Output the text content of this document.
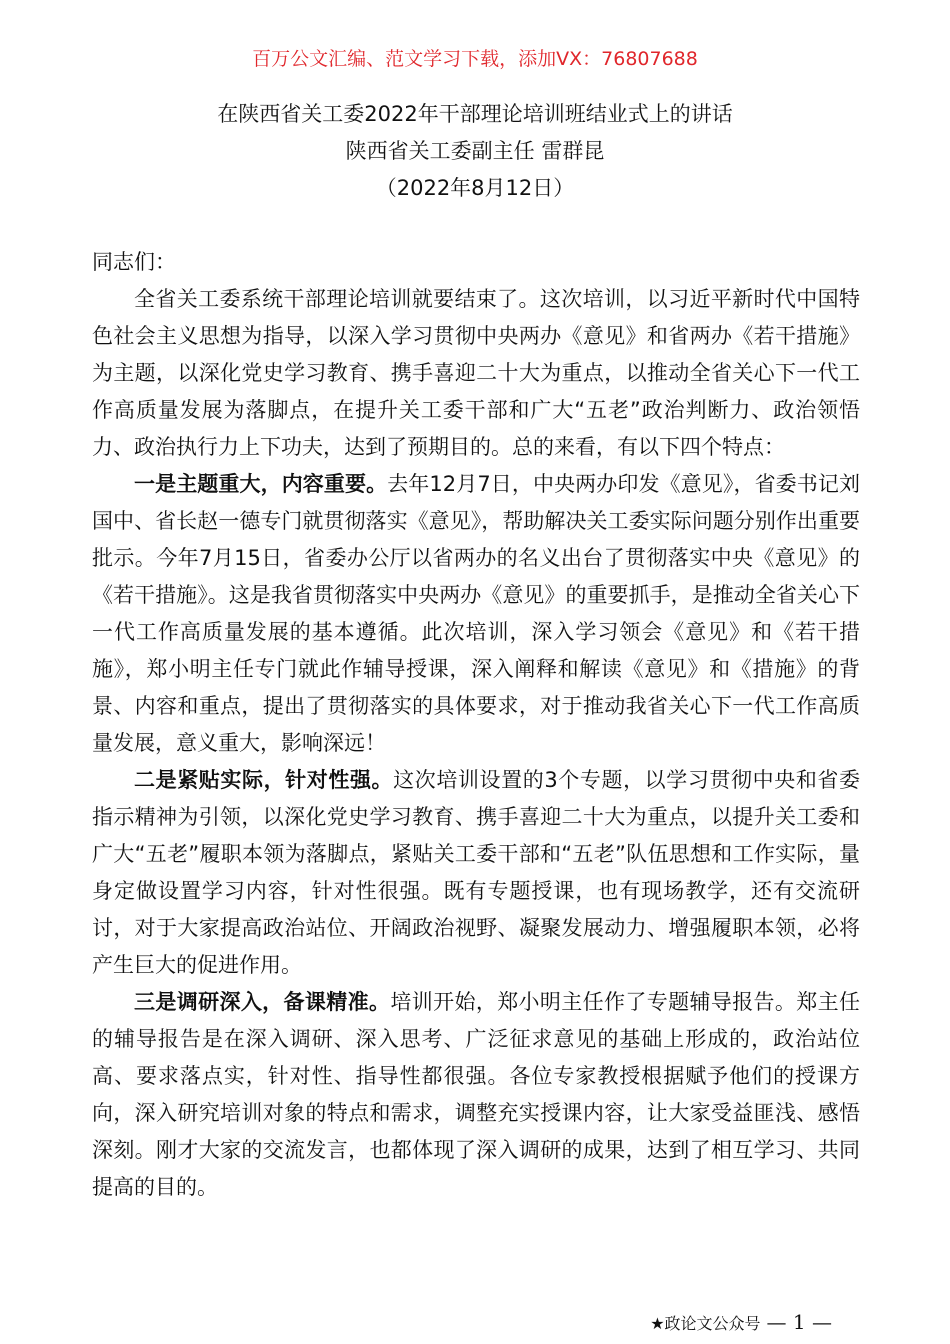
百万公文汇编、范文学习下载，添加VX：76807688
在陕西省关工委2022年干部理论培训班结业式上的讲话
陕西省关工委副主任 雷群昆
（2022年8月12日）

同志们：

全省关工委系统干部理论培训就要结束了。这次培训，以习近平新时代中国特色社会主义思想为指导，以深入学习贯彻中央两办《意见》和省两办《若干措施》为主题，以深化党史学习教育、携手喜迎二十大为重点，以推动全省关心下一代工作高质量发展为落脚点，在提升关工委干部和广大“五老”政治判断力、政治领悟力、政治执行力上下功夫，达到了预期目的。总的来看，有以下四个特点：

一是主题重大，内容重要。去年12月7日，中央两办印发《意见》，省委书记刘国中、省长赵一德专门就贯彻落实《意见》，帮助解决关工委实际问题分别作出重要批示。今年7月15日，省委办公厅以省两办的名义出台了贯彻落实中央《意见》的《若干措施》。这是我省贯彻落实中央两办《意见》的重要抓手，是推动全省关心下一代工作高质量发展的基本遵循。此次培训，深入学习领会《意见》和《若干措施》，郑小明主任专门就此作辅导授课，深入阐释和解读《意见》和《措施》的背景、内容和重点，提出了贯彻落实的具体要求，对于推动我省关心下一代工作高质量发展，意义重大，影响深远！

二是紧贴实际，针对性强。这次培训设置的3个专题，以学习贯彻中央和省委指示精神为引领，以深化党史学习教育、携手喜迎二十大为重点，以提升关工委和广大“五老”履职本领为落脚点，紧贴关工委干部和“五老”队伍思想和工作实际，量身定做设置学习内容，针对性很强。既有专题授课，也有现场教学，还有交流研讨，对于大家提高政治站位、开阔政治视野、凝聚发展动力、增强履职本领，必将产生巨大的促进作用。

三是调研深入，备课精准。培训开始，郑小明主任作了专题辅导报告。郑主任的辅导报告是在深入调研、深入思考、广泛征求意见的基础上形成的，政治站位高、要求落点实，针对性、指导性都很强。各位专家教授根据赋予他们的授课方向，深入研究培训对象的特点和需求，调整充实授课内容，让大家受益匪浅、感悟深刻。刚才大家的交流发言，也都体现了深入调研的成果，达到了相互学习、共同提高的目的。

★政论文公众号 — 1 —
